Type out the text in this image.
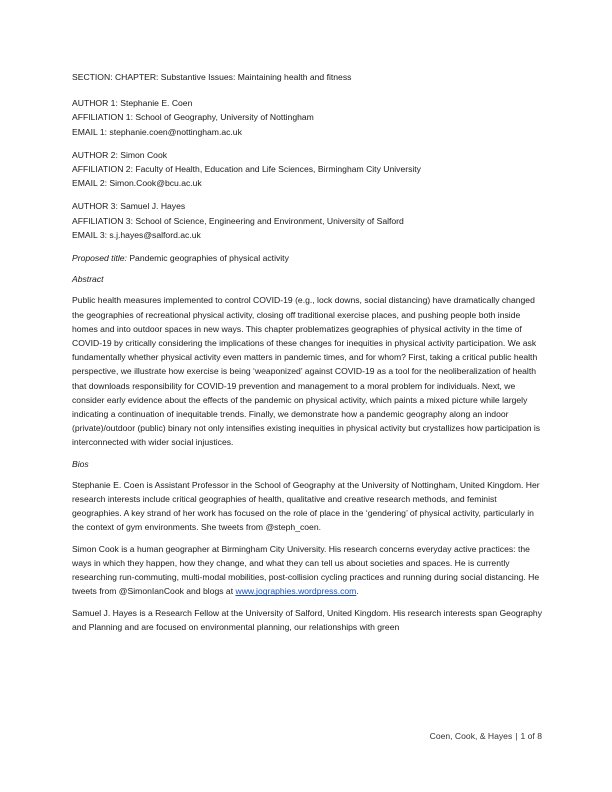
SECTION: CHAPTER: Substantive Issues: Maintaining health and fitness

AUTHOR 1: Stephanie E. Coen
AFFILIATION 1: School of Geography, University of Nottingham
EMAIL 1: stephanie.coen@nottingham.ac.uk
AUTHOR 2: Simon Cook
AFFILIATION 2: Faculty of Health, Education and Life Sciences, Birmingham City University
EMAIL 2: Simon.Cook@bcu.ac.uk
AUTHOR 3: Samuel J. Hayes
AFFILIATION 3: School of Science, Engineering and Environment, University of Salford
EMAIL 3: s.j.hayes@salford.ac.uk

Proposed title: Pandemic geographies of physical activity

Abstract

Public health measures implemented to control COVID-19 (e.g., lock downs, social distancing) have dramatically changed the geographies of recreational physical activity, closing off traditional exercise places, and pushing people both inside homes and into outdoor spaces in new ways. This chapter problematizes geographies of physical activity in the time of COVID-19 by critically considering the implications of these changes for inequities in physical activity participation. We ask fundamentally whether physical activity even matters in pandemic times, and for whom? First, taking a critical public health perspective, we illustrate how exercise is being ‘weaponized’ against COVID-19 as a tool for the neoliberalization of health that downloads responsibility for COVID-19 prevention and management to a moral problem for individuals. Next, we consider early evidence about the effects of the pandemic on physical activity, which paints a mixed picture while largely indicating a continuation of inequitable trends. Finally, we demonstrate how a pandemic geography along an indoor (private)/outdoor (public) binary not only intensifies existing inequities in physical activity but crystallizes how participation is interconnected with wider social injustices.

Bios

Stephanie E. Coen is Assistant Professor in the School of Geography at the University of Nottingham, United Kingdom. Her research interests include critical geographies of health, qualitative and creative research methods, and feminist geographies. A key strand of her work has focused on the role of place in the ‘gendering’ of physical activity, particularly in the context of gym environments. She tweets from @steph_coen.

Simon Cook is a human geographer at Birmingham City University. His research concerns everyday active practices: the ways in which they happen, how they change, and what they can tell us about societies and spaces. He is currently researching run-commuting, multi-modal mobilities, post-collision cycling practices and running during social distancing. He tweets from @SimonIanCook and blogs at www.jographies.wordpress.com.

Samuel J. Hayes is a Research Fellow at the University of Salford, United Kingdom. His research interests span Geography and Planning and are focused on environmental planning, our relationships with green

Coen, Cook, & Hayes | 1 of 8
